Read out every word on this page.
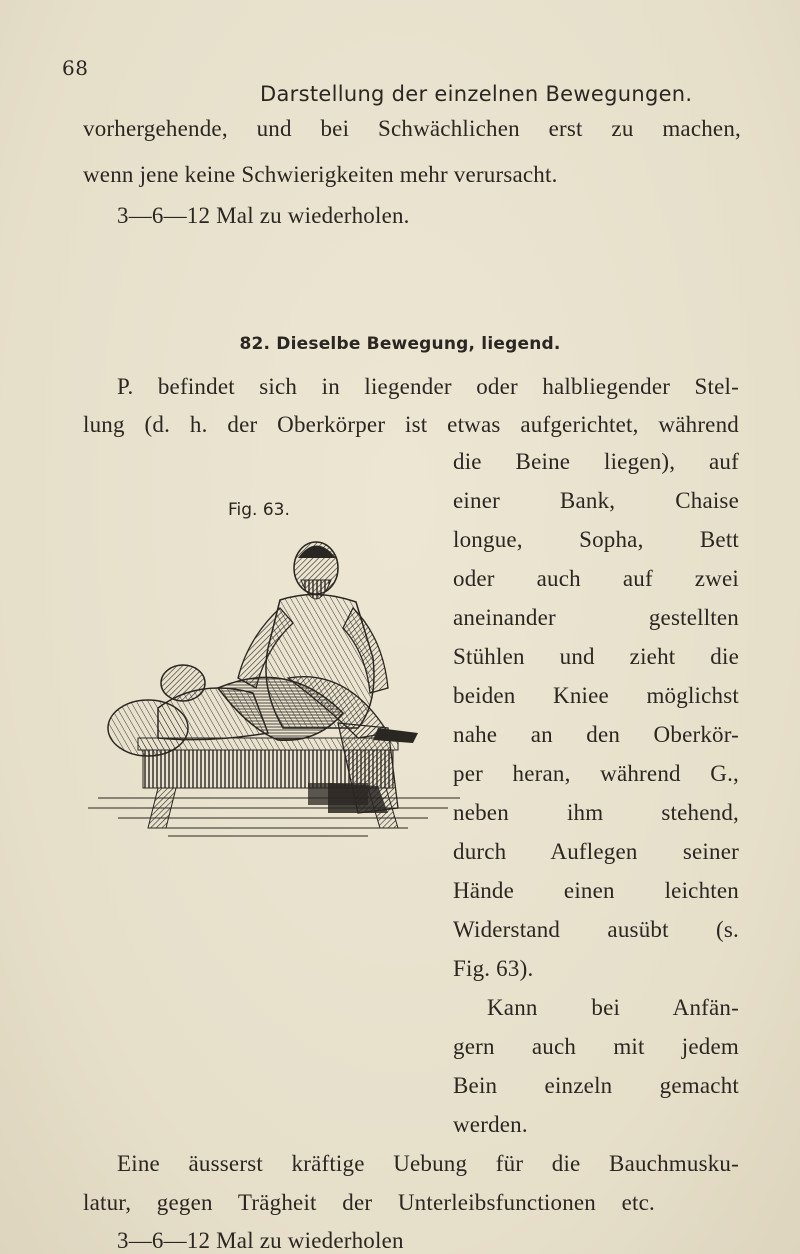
68
Darstellung der einzelnen Bewegungen.
vorhergehende, und bei Schwächlichen erst zu machen,
wenn jene keine Schwierigkeiten mehr verursacht.
3—6—12 Mal zu wiederholen.
82. Dieselbe Bewegung, liegend.
P. befindet sich in liegender oder halbliegender Stel-
lung (d. h. der Oberkörper ist etwas aufgerichtet, während
die Beine liegen), auf
einer Bank, Chaise
longue, Sopha, Bett
oder auch auf zwei
aneinander gestellten
Stühlen und zieht die
beiden Kniee möglichst
nahe an den Oberkör-
per heran, während G.,
neben ihm stehend,
durch Auflegen seiner
Hände einen leichten
Widerstand ausübt (s.
Fig. 63).
Kann bei Anfän-
gern auch mit jedem
Bein einzeln gemacht
werden.
Eine äusserst kräftige Uebung für die Bauchmusku-
latur, gegen Trägheit der Unterleibsfunctionen etc.
3—6—12 Mal zu wiederholen
Fig. 63.
